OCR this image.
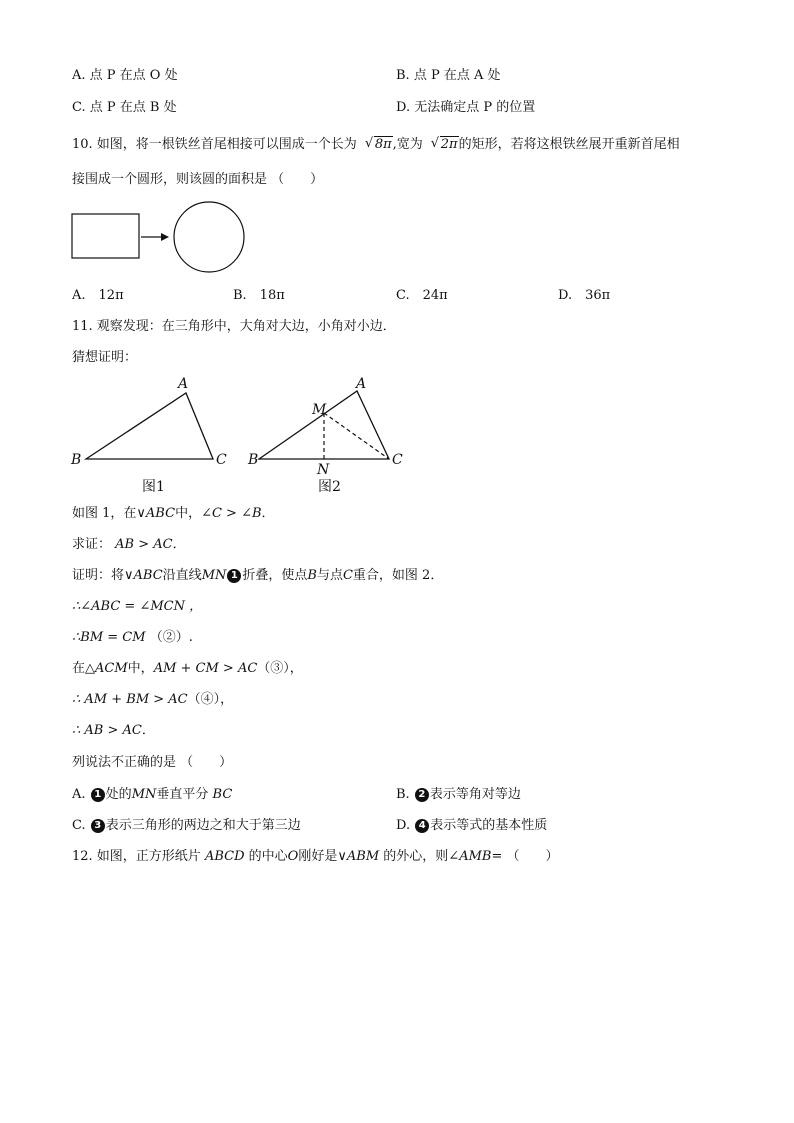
A. 点 P 在点 O 处	B. 点 P 在点 A 处
C. 点 P 在点 B 处	D. 无法确定点 P 的位置
10. 如图，将一根铁丝首尾相接可以围成一个长为 √ 8π,宽为 √ 2π的矩形，若将这根铁丝展开重新首尾相
接围成一个圆形，则该圆的面积是 （　　）
A.　12π	B.　18π	C.　24π	D.　36π
11. 观察发现：在三角形中，大角对大边，小角对小边．
猜想证明：
A
B	C
图1
A
B	C
M
N
图2
如图 1，在∨ABC中，∠C > ∠B．
求证： AB > AC．
证明：将∨ABC沿直线MN 1 折叠，使点B与点C重合，如图 2．
∴∠ABC = ∠MCN ，
∴BM = CM （②）.
在△ACM中，AM + CM > AC（③），
∴ AM + BM > AC（④），
∴ AB > AC．
列说法不正确的是 （　　）
A. 1 处的MN垂直平分 BC	B. 2 表示等角对等边
C. 3 表示三角形的两边之和大于第三边	D. 4 表示等式的基本性质
12. 如图，正方形纸片 ABCD 的中心O刚好是∨ABM 的外心，则∠AMB= （　　）
